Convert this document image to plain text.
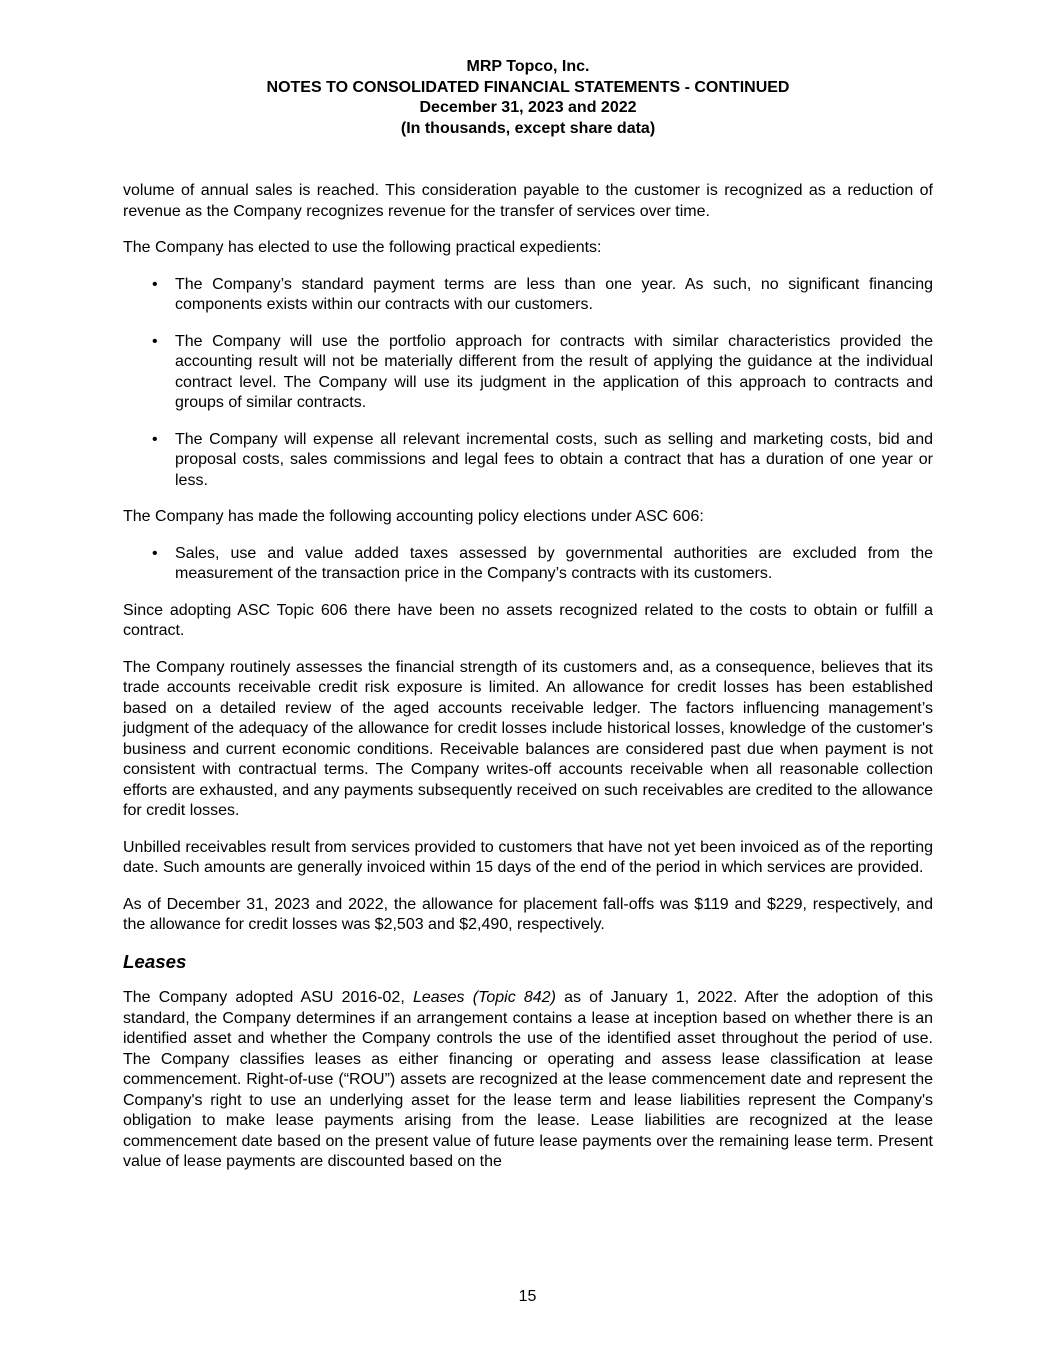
MRP Topco, Inc.

NOTES TO CONSOLIDATED FINANCIAL STATEMENTS - CONTINUED

December 31, 2023 and 2022

(In thousands, except share data)

volume of annual sales is reached. This consideration payable to the customer is recognized as a reduction of revenue as the Company recognizes revenue for the transfer of services over time.

The Company has elected to use the following practical expedients:

• The Company’s standard payment terms are less than one year. As such, no significant financing components exists within our contracts with our customers.
• The Company will use the portfolio approach for contracts with similar characteristics provided the accounting result will not be materially different from the result of applying the guidance at the individual contract level. The Company will use its judgment in the application of this approach to contracts and groups of similar contracts.
• The Company will expense all relevant incremental costs, such as selling and marketing costs, bid and proposal costs, sales commissions and legal fees to obtain a contract that has a duration of one year or less.

The Company has made the following accounting policy elections under ASC 606:

• Sales, use and value added taxes assessed by governmental authorities are excluded from the measurement of the transaction price in the Company’s contracts with its customers.

Since adopting ASC Topic 606 there have been no assets recognized related to the costs to obtain or fulfill a contract.

The Company routinely assesses the financial strength of its customers and, as a consequence, believes that its trade accounts receivable credit risk exposure is limited. An allowance for credit losses has been established based on a detailed review of the aged accounts receivable ledger. The factors influencing management’s judgment of the adequacy of the allowance for credit losses include historical losses, knowledge of the customer's business and current economic conditions. Receivable balances are considered past due when payment is not consistent with contractual terms. The Company writes-off accounts receivable when all reasonable collection efforts are exhausted, and any payments subsequently received on such receivables are credited to the allowance for credit losses.

Unbilled receivables result from services provided to customers that have not yet been invoiced as of the reporting date. Such amounts are generally invoiced within 15 days of the end of the period in which services are provided.

As of December 31, 2023 and 2022, the allowance for placement fall-offs was $119 and $229, respectively, and the allowance for credit losses was $2,503 and $2,490, respectively.

Leases

The Company adopted ASU 2016-02, Leases (Topic 842) as of January 1, 2022. After the adoption of this standard, the Company determines if an arrangement contains a lease at inception based on whether there is an identified asset and whether the Company controls the use of the identified asset throughout the period of use. The Company classifies leases as either financing or operating and assess lease classification at lease commencement. Right-of-use (“ROU”) assets are recognized at the lease commencement date and represent the Company's right to use an underlying asset for the lease term and lease liabilities represent the Company's obligation to make lease payments arising from the lease. Lease liabilities are recognized at the lease commencement date based on the present value of future lease payments over the remaining lease term. Present value of lease payments are discounted based on the

15
